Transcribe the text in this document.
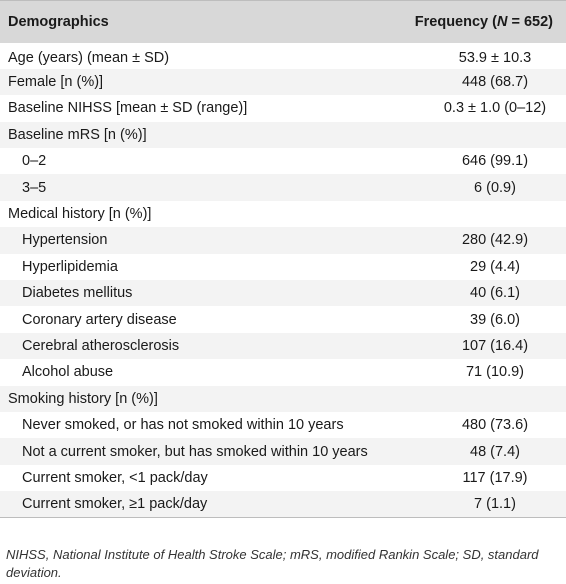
Demographics	Frequency (N = 652)
Age (years) (mean ± SD)	53.9 ± 10.3
Female [n (%)]	448 (68.7)
Baseline NIHSS [mean ± SD (range)]	0.3 ± 1.0 (0–12)
Baseline mRS [n (%)]	
0–2	646 (99.1)
3–5	6 (0.9)
Medical history [n (%)]	
Hypertension	280 (42.9)
Hyperlipidemia	29 (4.4)
Diabetes mellitus	40 (6.1)
Coronary artery disease	39 (6.0)
Cerebral atherosclerosis	107 (16.4)
Alcohol abuse	71 (10.9)
Smoking history [n (%)]	
Never smoked, or has not smoked within 10 years	480 (73.6)
Not a current smoker, but has smoked within 10 years	48 (7.4)
Current smoker, <1 pack/day	117 (17.9)
Current smoker, ≥1 pack/day	7 (1.1)
NIHSS, National Institute of Health Stroke Scale; mRS, modified Rankin Scale; SD, standard deviation.
